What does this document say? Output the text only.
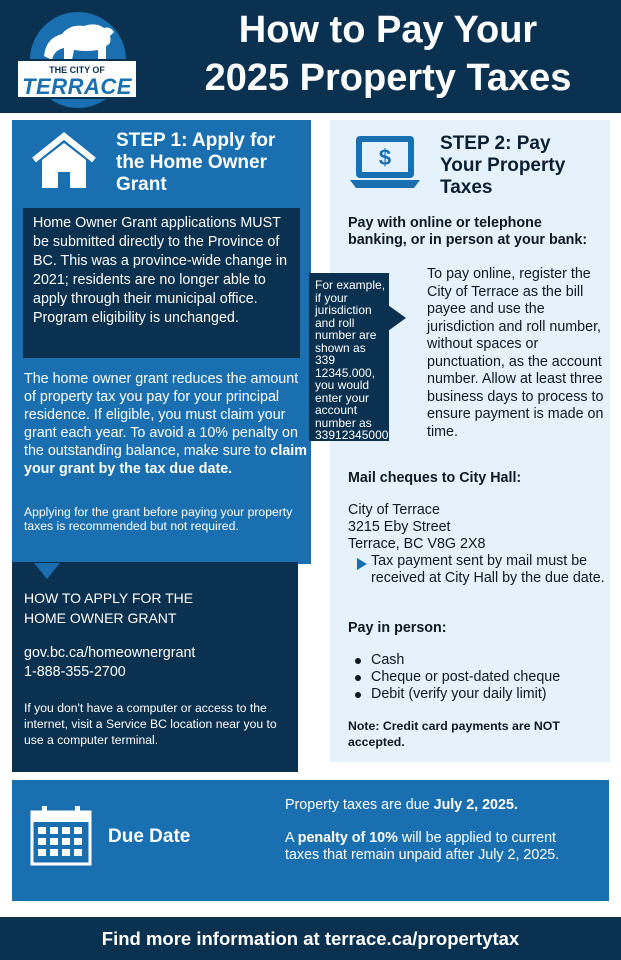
THE CITY OF
TERRACE
How to Pay Your
2025 Property Taxes
STEP 1: Apply for
the Home Owner
Grant
Home Owner Grant applications MUST be submitted directly to the Province of BC. This was a province-wide change in 2021; residents are no longer able to apply through their municipal office. Program eligibility is unchanged.
The home owner grant reduces the amount of property tax you pay for your principal residence. If eligible, you must claim your grant each year. To avoid a 10% penalty on the outstanding balance, make sure to claim your grant by the tax due date.
Applying for the grant before paying your property taxes is recommended but not required.
HOW TO APPLY FOR THE
HOME OWNER GRANT
gov.bc.ca/homeownergrant
1-888-355-2700
If you don't have a computer or access to the internet, visit a Service BC location near you to use a computer terminal.
$
STEP 2: Pay
Your Property
Taxes
Pay with online or telephone banking, or in person at your bank:
For example, if your jurisdiction and roll number are shown as 339 12345.000, you would enter your account number as 33912345000
To pay online, register the City of Terrace as the bill payee and use the jurisdiction and roll number, without spaces or punctuation, as the account number. Allow at least three business days to process to ensure payment is made on time.
Mail cheques to City Hall:
City of Terrace
3215 Eby Street
Terrace, BC V8G 2X8
Tax payment sent by mail must be received at City Hall by the due date.
Pay in person:
Cash
Cheque or post-dated cheque
Debit (verify your daily limit)
Note: Credit card payments are NOT accepted.
Due Date
Property taxes are due July 2, 2025.
A penalty of 10% will be applied to current taxes that remain unpaid after July 2, 2025.
Find more information at terrace.ca/propertytax
